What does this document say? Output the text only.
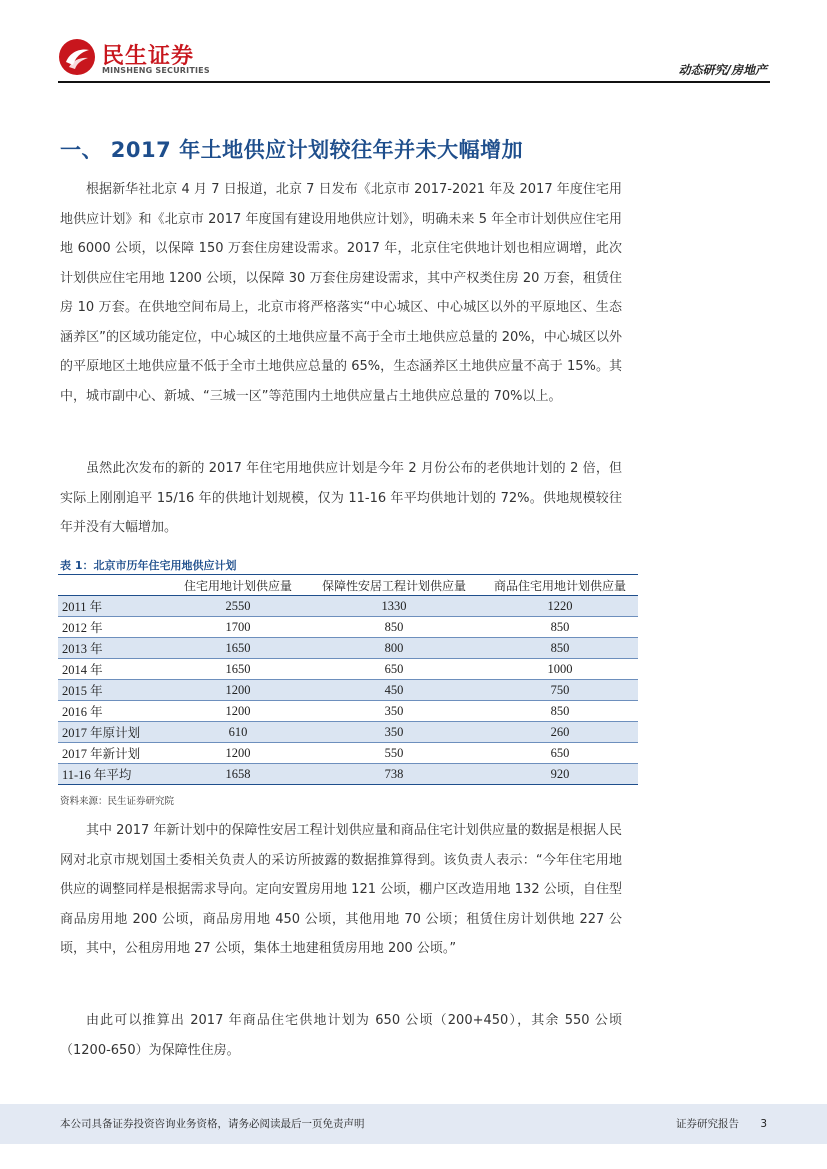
民生证券
MINSHENG SECURITIES	动态研究/房地产
一、 2017 年土地供应计划较往年并未大幅增加

根据新华社北京 4 月 7 日报道，北京 7 日发布《北京市 2017-2021 年及 2017 年度住宅用地供应计划》和《北京市 2017 年度国有建设用地供应计划》，明确未来 5 年全市计划供应住宅用地 6000 公顷，以保障 150 万套住房建设需求。2017 年，北京住宅供地计划也相应调增，此次计划供应住宅用地 1200 公顷，以保障 30 万套住房建设需求，其中产权类住房 20 万套，租赁住房 10 万套。在供地空间布局上，北京市将严格落实“中心城区、中心城区以外的平原地区、生态涵养区”的区域功能定位，中心城区的土地供应量不高于全市土地供应总量的 20%，中心城区以外的平原地区土地供应量不低于全市土地供应总量的 65%，生态涵养区土地供应量不高于 15%。其中，城市副中心、新城、“三城一区”等范围内土地供应量占土地供应总量的 70%以上。

虽然此次发布的新的 2017 年住宅用地供应计划是今年 2 月份公布的老供地计划的 2 倍，但实际上刚刚追平 15/16 年的供地计划规模，仅为 11-16 年平均供地计划的 72%。供地规模较往年并没有大幅增加。

表 1：北京市历年住宅用地供应计划
	住宅用地计划供应量	保障性安居工程计划供应量	商品住宅用地计划供应量
2011 年	2550	1330	1220
2012 年	1700	850	850
2013 年	1650	800	850
2014 年	1650	650	1000
2015 年	1200	450	750
2016 年	1200	350	850
2017 年原计划	610	350	260
2017 年新计划	1200	550	650
11-16 年平均	1658	738	920
资料来源：民生证券研究院

其中 2017 年新计划中的保障性安居工程计划供应量和商品住宅计划供应量的数据是根据人民网对北京市规划国土委相关负责人的采访所披露的数据推算得到。该负责人表示：“今年住宅用地供应的调整同样是根据需求导向。定向安置房用地 121 公顷，棚户区改造用地 132 公顷，自住型商品房用地 200 公顷，商品房用地 450 公顷，其他用地 70 公顷；租赁住房计划供地 227 公顷，其中，公租房用地 27 公顷，集体土地建租赁房用地 200 公顷。”

由此可以推算出 2017 年商品住宅供地计划为 650 公顷（200+450），其余 550 公顷（1200-650）为保障性住房。

本公司具备证券投资咨询业务资格，请务必阅读最后一页免责声明	证券研究报告 3
